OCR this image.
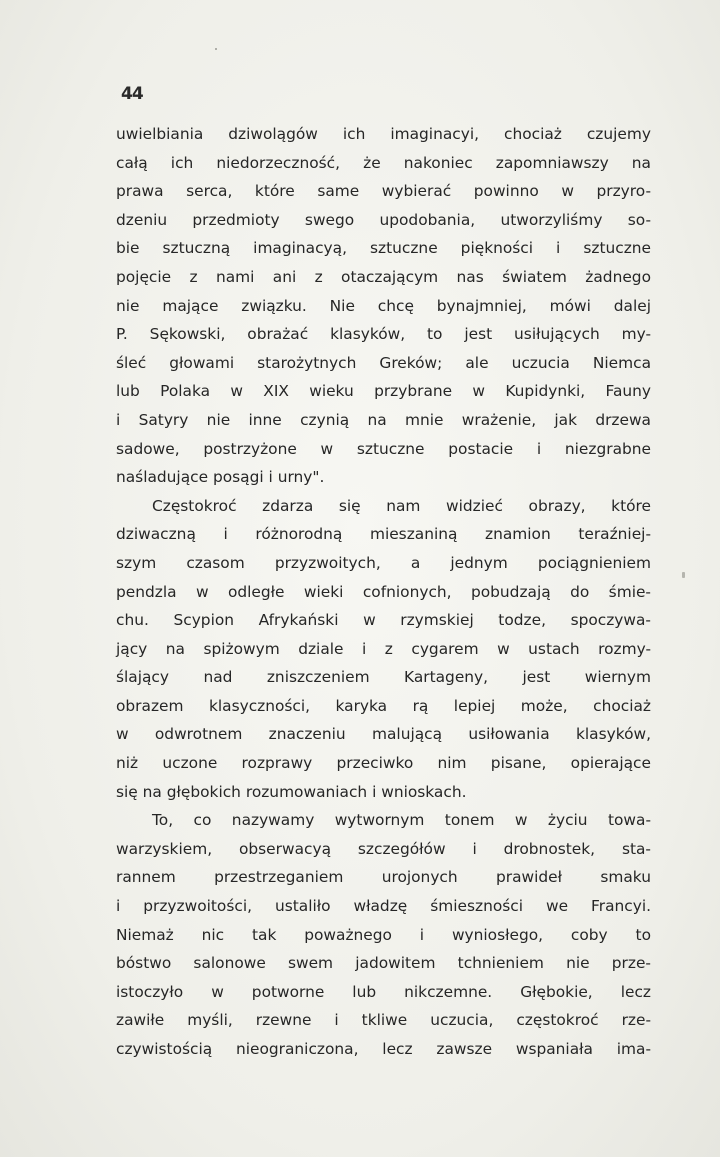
44
uwielbiania dziwolągów ich imaginacyi, chociaż czujemy
całą ich niedorzeczność, że nakoniec zapomniawszy na
prawa serca, które same wybierać powinno w przyro-
dzeniu przedmioty swego upodobania, utworzyliśmy so-
bie sztuczną imaginacyą, sztuczne piękności i sztuczne
pojęcie z nami ani z otaczającym nas światem żadnego
nie mające związku. Nie chcę bynajmniej, mówi dalej
P. Sękowski, obrażać klasyków, to jest usiłujących my-
śleć głowami starożytnych Greków; ale uczucia Niemca
lub Polaka w XIX wieku przybrane w Kupidynki, Fauny
i Satyry nie inne czynią na mnie wrażenie, jak drzewa
sadowe, postrzyżone w sztuczne postacie i niezgrabne
naśladujące posągi i urny".
Częstokroć zdarza się nam widzieć obrazy, które
dziwaczną i różnorodną mieszaniną znamion teraźniej-
szym czasom przyzwoitych, a jednym pociągnieniem
pendzla w odległe wieki cofnionych, pobudzają do śmie-
chu. Scypion Afrykański w rzymskiej todze, spoczywa-
jący na spiżowym dziale i z cygarem w ustach rozmy-
ślający nad zniszczeniem Kartageny, jest wiernym
obrazem klasyczności, karyka rą lepiej może, chociaż
w odwrotnem znaczeniu malującą usiłowania klasyków,
niż uczone rozprawy przeciwko nim pisane, opierające
się na głębokich rozumowaniach i wnioskach.
To, co nazywamy wytwornym tonem w życiu towa-
warzyskiem, obserwacyą szczegółów i drobnostek, sta-
rannem przestrzeganiem urojonych prawideł smaku
i przyzwoitości, ustaliło władzę śmieszności we Francyi.
Niemaż nic tak poważnego i wyniosłego, coby to
bóstwo salonowe swem jadowitem tchnieniem nie prze-
istoczyło w potworne lub nikczemne. Głębokie, lecz
zawiłe myśli, rzewne i tkliwe uczucia, częstokroć rze-
czywistością nieograniczona, lecz zawsze wspaniała ima-
